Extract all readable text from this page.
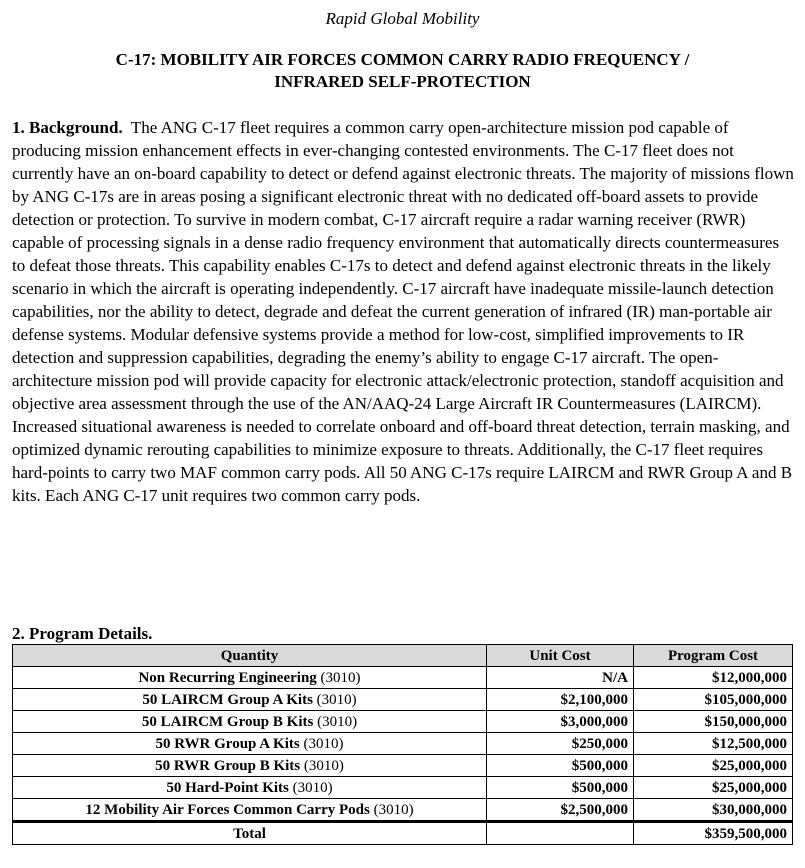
Rapid Global Mobility
C-17: MOBILITY AIR FORCES COMMON CARRY RADIO FREQUENCY /
INFRARED SELF-PROTECTION

1. Background. The ANG C-17 fleet requires a common carry open-architecture mission pod capable of producing mission enhancement effects in ever-changing contested environments. The C-17 fleet does not currently have an on-board capability to detect or defend against electronic threats. The majority of missions flown by ANG C-17s are in areas posing a significant electronic threat with no dedicated off-board assets to provide detection or protection. To survive in modern combat, C-17 aircraft require a radar warning receiver (RWR) capable of processing signals in a dense radio frequency environment that automatically directs countermeasures to defeat those threats. This capability enables C-17s to detect and defend against electronic threats in the likely scenario in which the aircraft is operating independently. C-17 aircraft have inadequate missile-launch detection capabilities, nor the ability to detect, degrade and defeat the current generation of infrared (IR) man-portable air defense systems. Modular defensive systems provide a method for low-cost, simplified improvements to IR detection and suppression capabilities, degrading the enemy’s ability to engage C-17 aircraft. The open-architecture mission pod will provide capacity for electronic attack/electronic protection, standoff acquisition and objective area assessment through the use of the AN/AAQ-24 Large Aircraft IR Countermeasures (LAIRCM). Increased situational awareness is needed to correlate onboard and off-board threat detection, terrain masking, and optimized dynamic rerouting capabilities to minimize exposure to threats. Additionally, the C-17 fleet requires hard-points to carry two MAF common carry pods. All 50 ANG C-17s require LAIRCM and RWR Group A and B kits. Each ANG C-17 unit requires two common carry pods.

2. Program Details.

Quantity	Unit Cost	Program Cost
Non Recurring Engineering (3010)	N/A	$12,000,000
50 LAIRCM Group A Kits (3010)	$2,100,000	$105,000,000
50 LAIRCM Group B Kits (3010)	$3,000,000	$150,000,000
50 RWR Group A Kits (3010)	$250,000	$12,500,000
50 RWR Group B Kits (3010)	$500,000	$25,000,000
50 Hard-Point Kits (3010)	$500,000	$25,000,000
12 Mobility Air Forces Common Carry Pods (3010)	$2,500,000	$30,000,000
Total		$359,500,000
